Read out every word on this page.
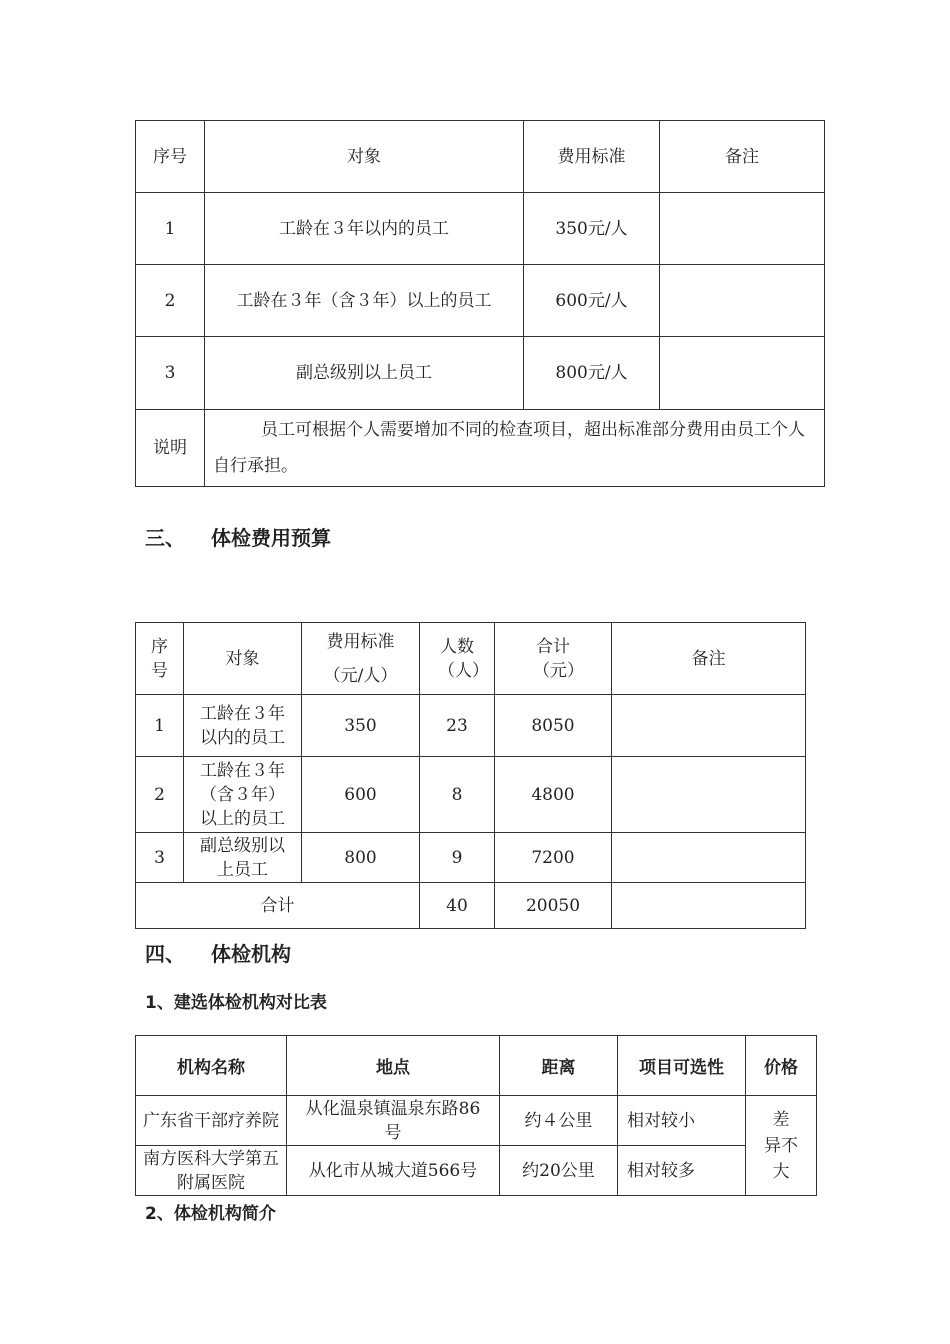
序号	对象	费用标准	备注
1	工龄在３年以内的员工	350元/人	
2	工龄在３年（含３年）以上的员工	600元/人	
3	副总级别以上员工	800元/人	
说明	员工可根据个人需要增加不同的检查项目，超出标准部分费用由员工个人自行承担。		
三、 体检费用预算
序号	对象	费用标准（元/人）	人数（人）	合计（元）	备注
1	工龄在３年以内的员工	350	23	8050	
2	工龄在３年（含３年）以上的员工	600	8	4800	
3	副总级别以上员工	800	9	7200	
合计			40	20050	
四、 体检机构
1、建选体检机构对比表
机构名称	地点	距离	项目可选性	价格
广东省干部疗养院	从化温泉镇温泉东路86号	约４公里	相对较小	差　异不大
南方医科大学第五附属医院	从化市从城大道566号	约20公里	相对较多	
2、体检机构简介
